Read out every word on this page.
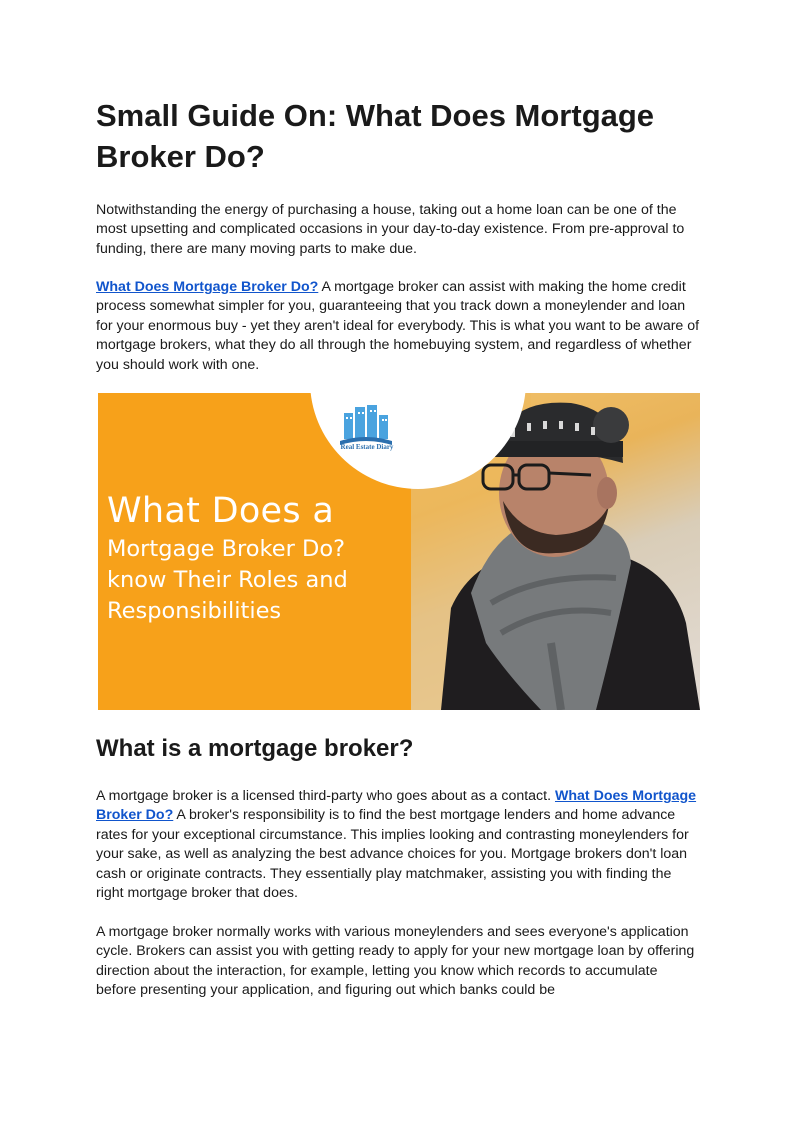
Small Guide On: What Does Mortgage Broker Do?

Notwithstanding the energy of purchasing a house, taking out a home loan can be one of the most upsetting and complicated occasions in your day-to-day existence. From pre-approval to funding, there are many moving parts to make due.

What Does Mortgage Broker Do? A mortgage broker can assist with making the home credit process somewhat simpler for you, guaranteeing that you track down a moneylender and loan for your enormous buy - yet they aren't ideal for everybody. This is what you want to be aware of mortgage brokers, what they do all through the homebuying system, and regardless of whether you should work with one.

What is a mortgage broker?

A mortgage broker is a licensed third-party who goes about as a contact. What Does Mortgage Broker Do? A broker's responsibility is to find the best mortgage lenders and home advance rates for your exceptional circumstance. This implies looking and contrasting moneylenders for your sake, as well as analyzing the best advance choices for you. Mortgage brokers don't loan cash or originate contracts. They essentially play matchmaker, assisting you with finding the right mortgage broker that does.

A mortgage broker normally works with various moneylenders and sees everyone's application cycle. Brokers can assist you with getting ready to apply for your new mortgage loan by offering direction about the interaction, for example, letting you know which records to accumulate before presenting your application, and figuring out which banks could be

Real Estate Diary
What Does a
Mortgage Broker Do? know Their Roles and Responsibilities
